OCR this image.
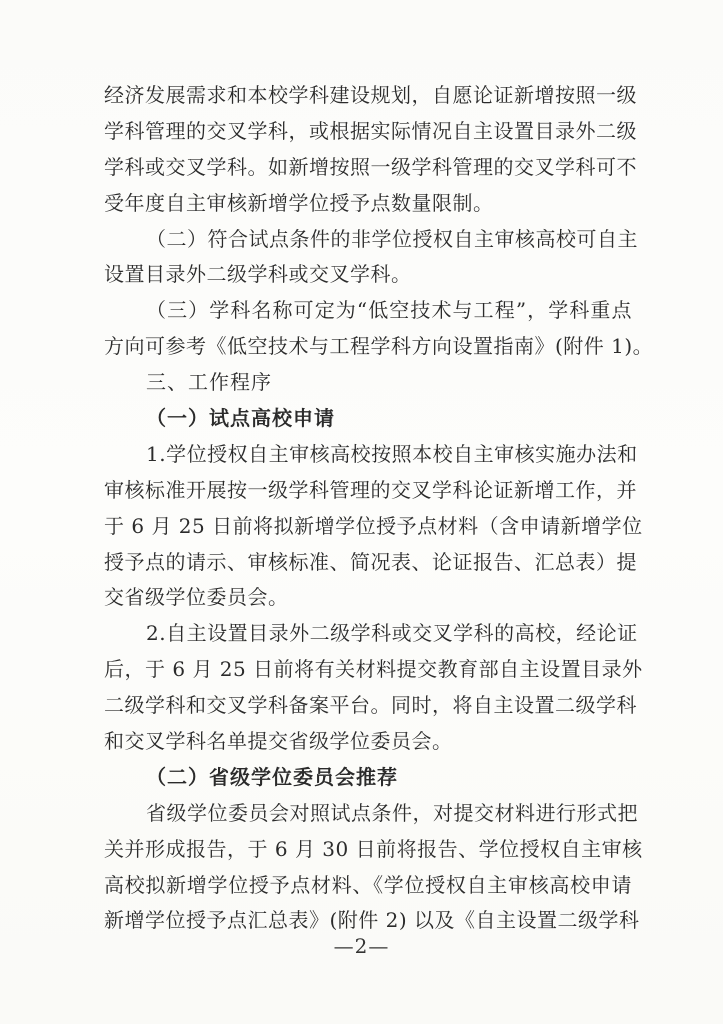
经济发展需求和本校学科建设规划，自愿论证新增按照一级
学科管理的交叉学科，或根据实际情况自主设置目录外二级
学科或交叉学科。如新增按照一级学科管理的交叉学科可不
受年度自主审核新增学位授予点数量限制。
（二）符合试点条件的非学位授权自主审核高校可自主
设置目录外二级学科或交叉学科。
（三）学科名称可定为“低空技术与工程”，学科重点
方向可参考《低空技术与工程学科方向设置指南》(附件 1)。
三、工作程序
（一）试点高校申请
1.学位授权自主审核高校按照本校自主审核实施办法和
审核标准开展按一级学科管理的交叉学科论证新增工作，并
于 6 月 25 日前将拟新增学位授予点材料（含申请新增学位
授予点的请示、审核标准、简况表、论证报告、汇总表）提
交省级学位委员会。
2.自主设置目录外二级学科或交叉学科的高校，经论证
后，于 6 月 25 日前将有关材料提交教育部自主设置目录外
二级学科和交叉学科备案平台。同时，将自主设置二级学科
和交叉学科名单提交省级学位委员会。
（二）省级学位委员会推荐
省级学位委员会对照试点条件，对提交材料进行形式把
关并形成报告，于 6 月 30 日前将报告、学位授权自主审核
高校拟新增学位授予点材料、《学位授权自主审核高校申请
新增学位授予点汇总表》(附件 2) 以及《自主设置二级学科
—2—
